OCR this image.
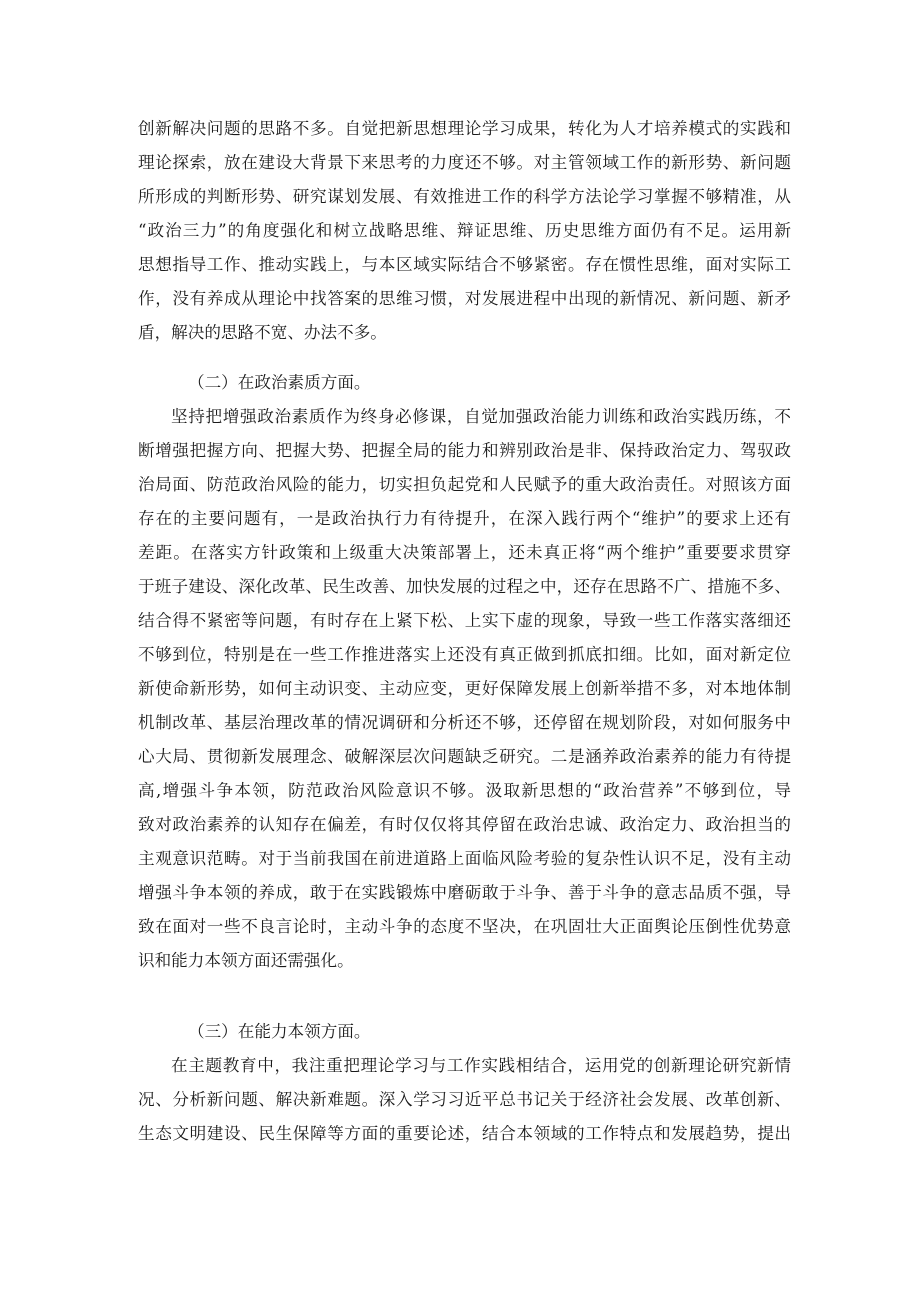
创新解决问题的思路不多。自觉把新思想理论学习成果，转化为人才培养模式的实践和
理论探索，放在建设大背景下来思考的力度还不够。对主管领域工作的新形势、新问题
所形成的判断形势、研究谋划发展、有效推进工作的科学方法论学习掌握不够精准，从
“政治三力”的角度强化和树立战略思维、辩证思维、历史思维方面仍有不足。运用新
思想指导工作、推动实践上，与本区域实际结合不够紧密。存在惯性思维，面对实际工
作，没有养成从理论中找答案的思维习惯，对发展进程中出现的新情况、新问题、新矛
盾，解决的思路不宽、办法不多。
（二）在政治素质方面。
坚持把增强政治素质作为终身必修课，自觉加强政治能力训练和政治实践历练，不
断增强把握方向、把握大势、把握全局的能力和辨别政治是非、保持政治定力、驾驭政
治局面、防范政治风险的能力，切实担负起党和人民赋予的重大政治责任。对照该方面
存在的主要问题有，一是政治执行力有待提升，在深入践行两个“维护”的要求上还有
差距。在落实方针政策和上级重大决策部署上，还未真正将“两个维护”重要要求贯穿
于班子建设、深化改革、民生改善、加快发展的过程之中，还存在思路不广、措施不多、
结合得不紧密等问题，有时存在上紧下松、上实下虚的现象，导致一些工作落实落细还
不够到位，特别是在一些工作推进落实上还没有真正做到抓底扣细。比如，面对新定位
新使命新形势，如何主动识变、主动应变，更好保障发展上创新举措不多，对本地体制
机制改革、基层治理改革的情况调研和分析还不够，还停留在规划阶段，对如何服务中
心大局、贯彻新发展理念、破解深层次问题缺乏研究。二是涵养政治素养的能力有待提
高,增强斗争本领，防范政治风险意识不够。汲取新思想的“政治营养”不够到位，导
致对政治素养的认知存在偏差，有时仅仅将其停留在政治忠诚、政治定力、政治担当的
主观意识范畴。对于当前我国在前进道路上面临风险考验的复杂性认识不足，没有主动
增强斗争本领的养成，敢于在实践锻炼中磨砺敢于斗争、善于斗争的意志品质不强，导
致在面对一些不良言论时，主动斗争的态度不坚决，在巩固壮大正面舆论压倒性优势意
识和能力本领方面还需强化。
（三）在能力本领方面。
在主题教育中，我注重把理论学习与工作实践相结合，运用党的创新理论研究新情
况、分析新问题、解决新难题。深入学习习近平总书记关于经济社会发展、改革创新、
生态文明建设、民生保障等方面的重要论述，结合本领域的工作特点和发展趋势，提出
